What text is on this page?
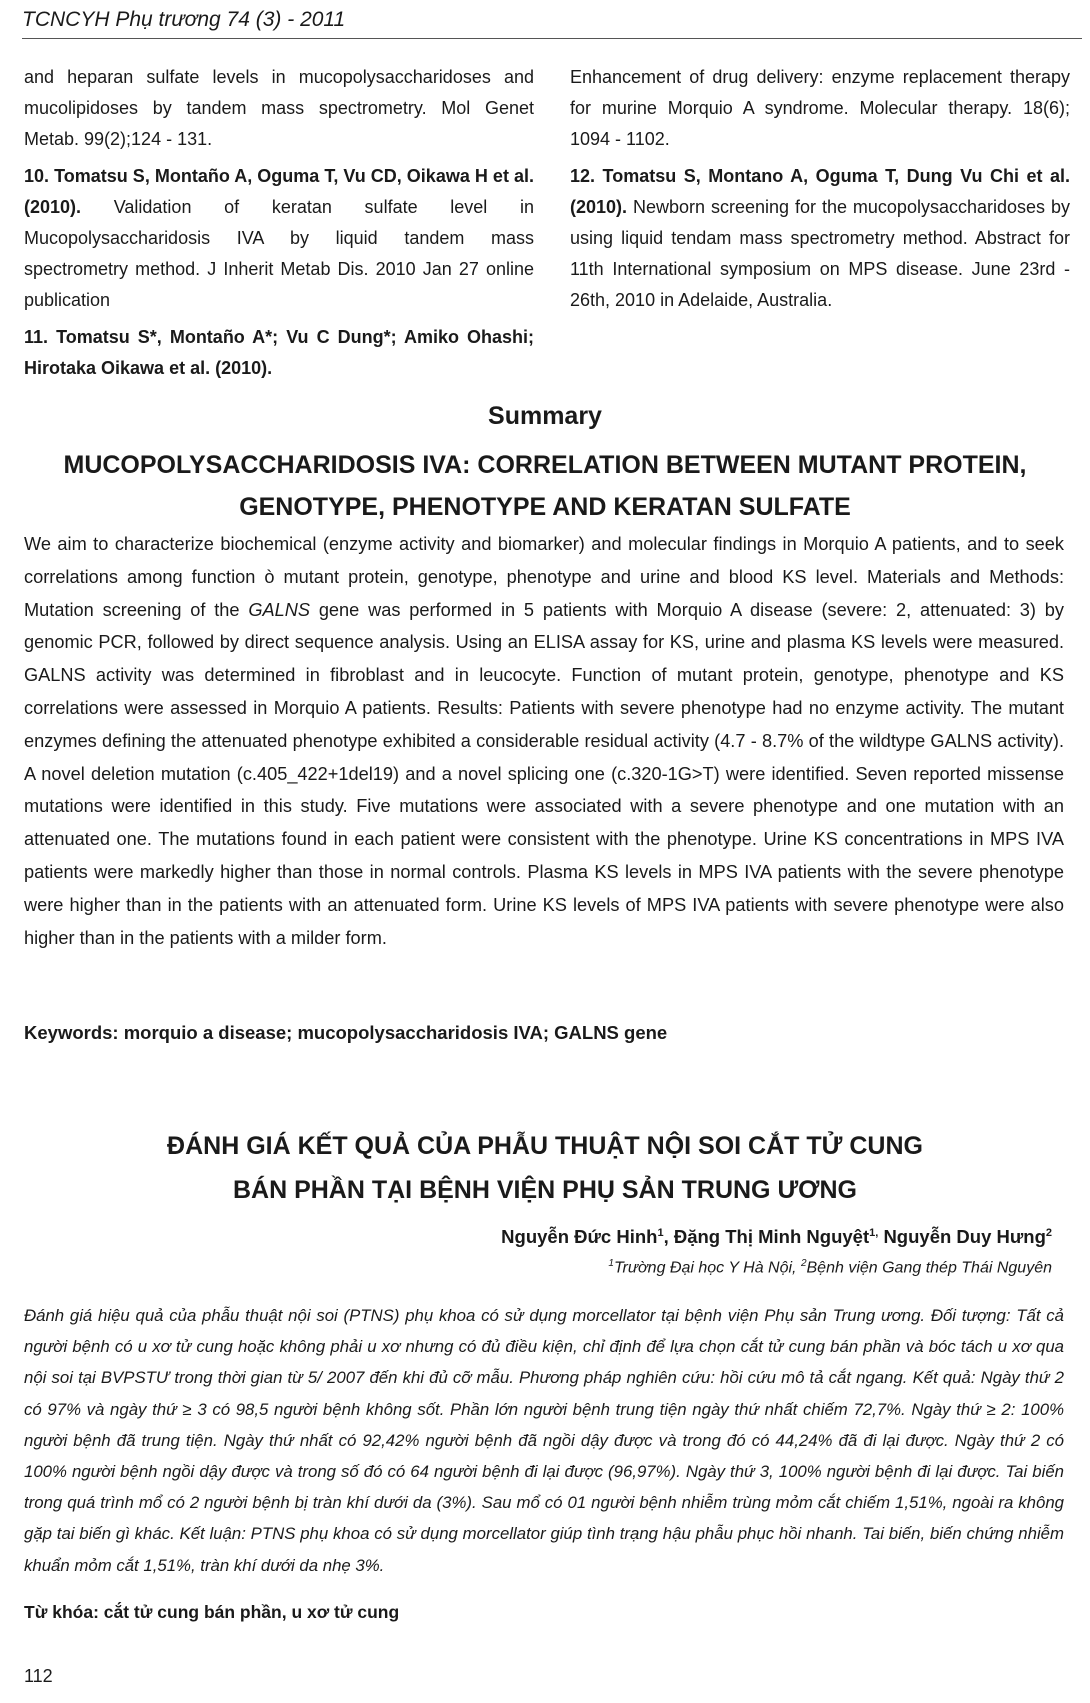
TCNCYH Phụ trương 74 (3) - 2011

and heparan sulfate levels in mucopolysaccharidoses and mucolipidoses by tandem mass spectrometry. Mol Genet Metab. 99(2);124 - 131.

10. Tomatsu S, Montaño A, Oguma T, Vu CD, Oikawa H et al. (2010). Validation of keratan sulfate level in Mucopolysaccharidosis IVA by liquid tandem mass spectrometry method. J Inherit Metab Dis. 2010 Jan 27 online publication

11. Tomatsu S*, Montaño A*; Vu C Dung*; Amiko Ohashi; Hirotaka Oikawa et al. (2010).

Enhancement of drug delivery: enzyme replacement therapy for murine Morquio A syndrome. Molecular therapy. 18(6); 1094 - 1102.

12. Tomatsu S, Montano A, Oguma T, Dung Vu Chi et al. (2010). Newborn screening for the mucopolysaccharidoses by using liquid tendam mass spectrometry method. Abstract for 11th International symposium on MPS disease. June 23rd - 26th, 2010 in Adelaide, Australia.

Summary
MUCOPOLYSACCHARIDOSIS IVA: CORRELATION BETWEEN MUTANT PROTEIN, GENOTYPE, PHENOTYPE AND KERATAN SULFATE
We aim to characterize biochemical (enzyme activity and biomarker) and molecular findings in Morquio A patients, and to seek correlations among function ò mutant protein, genotype, phenotype and urine and blood KS level. Materials and Methods: Mutation screening of the GALNS gene was performed in 5 patients with Morquio A disease (severe: 2, attenuated: 3) by genomic PCR, followed by direct sequence analysis. Using an ELISA assay for KS, urine and plasma KS levels were measured. GALNS activity was determined in fibroblast and in leucocyte. Function of mutant protein, genotype, phenotype and KS correlations were assessed in Morquio A patients. Results: Patients with severe phenotype had no enzyme activity. The mutant enzymes defining the attenuated phenotype exhibited a considerable residual activity (4.7 - 8.7% of the wildtype GALNS activity). A novel deletion mutation (c.405_422+1del19) and a novel splicing one (c.320-1G>T) were identified. Seven reported missense mutations were identified in this study. Five mutations were associated with a severe phenotype and one mutation with an attenuated one. The mutations found in each patient were consistent with the phenotype. Urine KS concentrations in MPS IVA patients were markedly higher than those in normal controls. Plasma KS levels in MPS IVA patients with the severe phenotype were higher than in the patients with an attenuated form. Urine KS levels of MPS IVA patients with severe phenotype were also higher than in the patients with a milder form.
Keywords: morquio a disease; mucopolysaccharidosis IVA; GALNS gene
ĐÁNH GIÁ KẾT QUẢ CỦA PHẪU THUẬT NỘI SOI CẮT TỬ CUNG
BÁN PHẦN TẠI BỆNH VIỆN PHỤ SẢN TRUNG ƯƠNG
Nguyễn Đức Hinh$^1$, Đặng Thị Minh Nguyệt$^{1,}$ Nguyễn Duy Hưng$^2$
$^1$Trường Đại học Y Hà Nội, $^2$Bệnh viện Gang thép Thái Nguyên
Đánh giá hiệu quả của phẫu thuật nội soi (PTNS) phụ khoa có sử dụng morcellator tại bệnh viện Phụ sản Trung ương. Đối tượng: Tất cả người bệnh có u xơ tử cung hoặc không phải u xơ nhưng có đủ điều kiện, chỉ định để lựa chọn cắt tử cung bán phần và bóc tách u xơ qua nội soi tại BVPSTƯ trong thời gian từ 5/ 2007 đến khi đủ cỡ mẫu. Phương pháp nghiên cứu: hồi cứu mô tả cắt ngang. Kết quả: Ngày thứ 2 có 97% và ngày thứ ≥ 3 có 98,5 người bệnh không sốt. Phần lớn người bệnh trung tiện ngày thứ nhất chiếm 72,7%. Ngày thứ ≥ 2: 100% người bệnh đã trung tiện. Ngày thứ nhất có 92,42% người bệnh đã ngồi dậy được và trong đó có 44,24% đã đi lại được. Ngày thứ 2 có 100% người bệnh ngồi dậy được và trong số đó có 64 người bệnh đi lại được (96,97%). Ngày thứ 3, 100% người bệnh đi lại được. Tai biến trong quá trình mổ có 2 người bệnh bị tràn khí dưới da (3%). Sau mổ có 01 người bệnh nhiễm trùng mỏm cắt chiếm 1,51%, ngoài ra không gặp tai biến gì khác. Kết luận: PTNS phụ khoa có sử dụng morcellator giúp tình trạng hậu phẫu phục hồi nhanh. Tai biến, biến chứng nhiễm khuẩn mỏm cắt 1,51%, tràn khí dưới da nhẹ 3%.
Từ khóa: cắt tử cung bán phần, u xơ tử cung
112
